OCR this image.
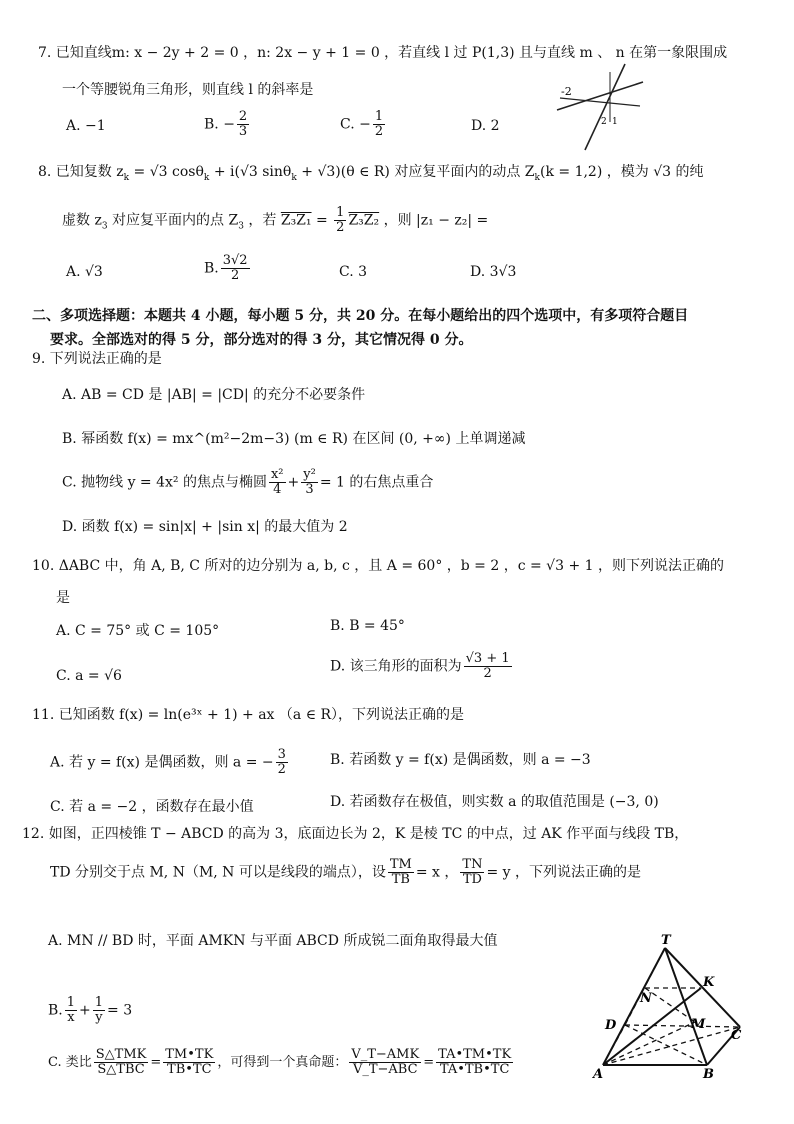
7. 已知直线m: x − 2y + 2 = 0 ，n: 2x − y + 1 = 0 ，若直线 l 过 P(1,3) 且与直线 m 、 n 在第一象限围成
一个等腰锐角三角形，则直线 l 的斜率是
A. −1	B. − $\frac{2}{3}$	C. − $\frac{1}{2}$	D. 2
-2
1
2
8. 已知复数 $z_k = √3$ cosθ$_k$ + i(√3 sinθ$_k$ + √3)(θ ∈ R) 对应复平面内的动点 $Z_k(k = 1,2)$ ，模为 √3 的纯
虚数 $z_3$ 对应复平面内的点 $Z_3$ ，若 $Z_3Z_1 = \frac{1}{2} Z_3Z_2$ ，则 |z₁ − z₂| =
A. √3	B. $\frac{3√2}{2}$	C. 3	D. 3√3
二、多项选择题：本题共 4 小题，每小题 5 分，共 20 分。在每小题给出的四个选项中，有多项符合题目
要求。全部选对的得 5 分，部分选对的得 3 分，其它情况得 0 分。
9. 下列说法正确的是
A. AB = CD 是 |AB| = |CD| 的充分不必要条件
B. 幂函数 f(x) = mx^(m²−2m−3) (m ∈ R) 在区间 (0, +∞) 上单调递减
C. 抛物线 y = 4x² 的焦点与椭圆 $\frac{\text{x²}}{4} + \frac{\text{y²}}{3} = 1$ 的右焦点重合
D. 函数 f(x) = sin|x| + |sin x| 的最大值为 2
10. ΔABC 中，角 A, B, C 所对的边分别为 a, b, c ，且 A = 60° ，b = 2 ，c = √3 + 1 ，则下列说法正确的
是
A. C = 75° 或 C = 105°	B. B = 45°
C. a = √6
D. 该三角形的面积为 $\frac{√3 + 1}{2}$
11. 已知函数 f(x) = ln(e³ˣ + 1) + ax （a ∈ R），下列说法正确的是
A. 若 y = f(x) 是偶函数，则 a = − $\frac{3}{2}$	B. 若函数 y = f(x) 是偶函数，则 a = −3
C. 若 a = −2 ，函数存在最小值	D. 若函数存在极值，则实数 a 的取值范围是 (−3, 0)
12. 如图，正四棱锥 T − ABCD 的高为 3，底面边长为 2，K 是棱 TC 的中点，过 AK 作平面与线段 TB，
TD 分别交于点 M, N（M, N 可以是线段的端点），设 $\frac{TM}{TB} = x$ ， $\frac{TN}{TD} = y$ ，下列说法正确的是
A. MN // BD 时，平面 AMKN 与平面 ABCD 所成锐二面角取得最大值
B. $\frac{1}{x} + \frac{1}{y} = 3$
C. 类比 $\frac{\text{S△TMK}}{\text{S△TBC}} = \frac{TM•TK}{TB•TC}$ ，可得到一个真命题： $\frac{\text{V\_T−AMK}}{\text{V\_T−ABC}} = \frac{TA•TM•TK}{TA•TB•TC}$
T
K
N
M
D
C
A	B
